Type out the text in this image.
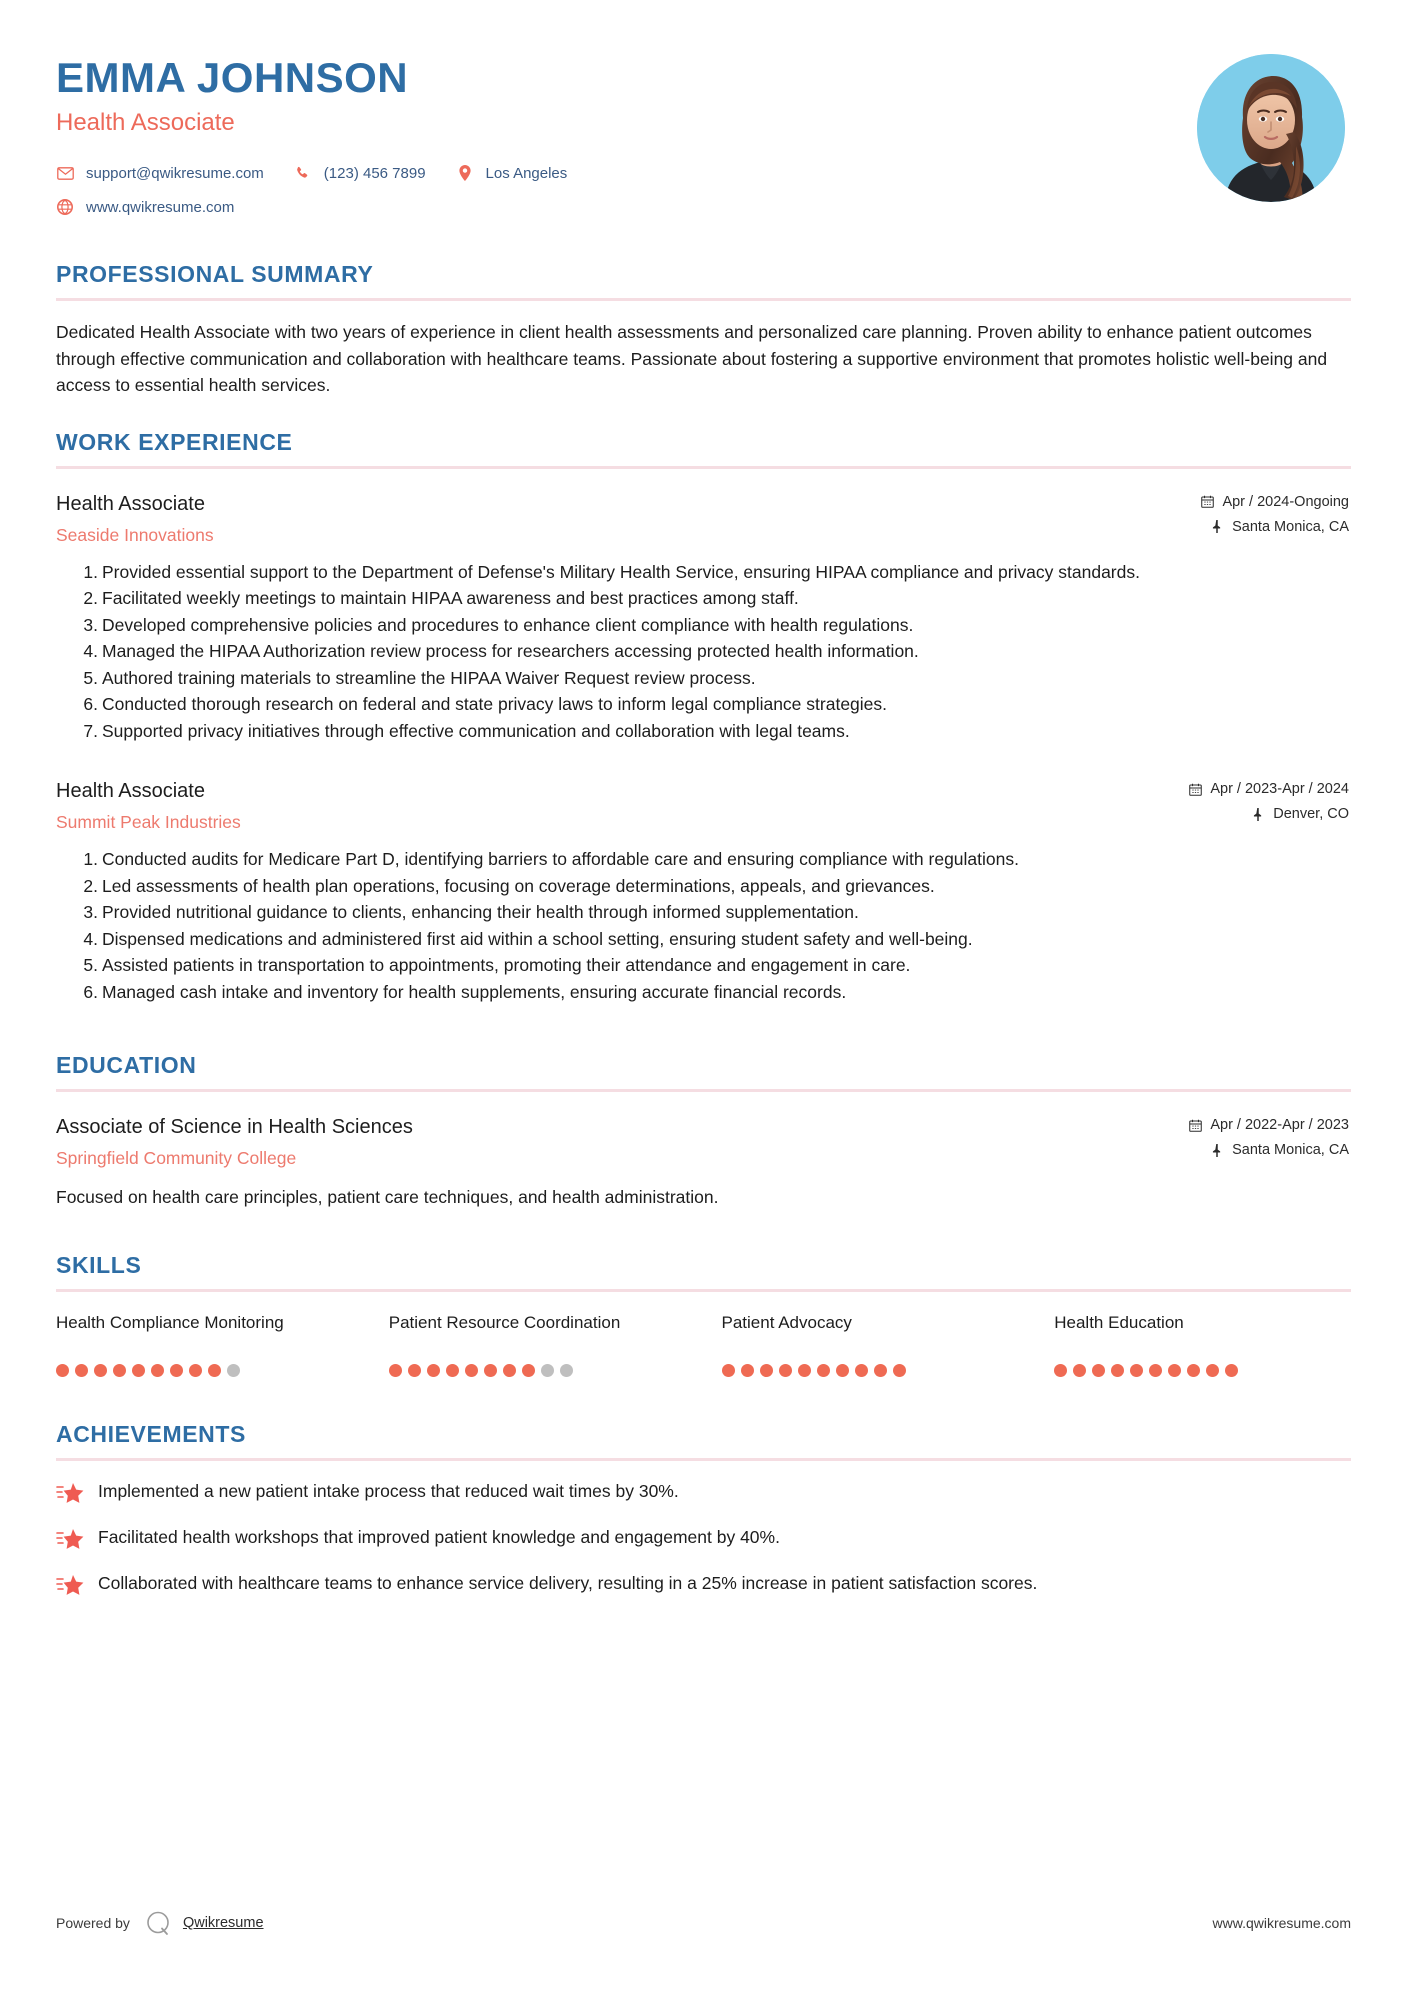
EMMA JOHNSON
Health Associate
support@qwikresume.com	(123) 456 7899	Los Angeles
www.qwikresume.com
PROFESSIONAL SUMMARY
Dedicated Health Associate with two years of experience in client health assessments and personalized care planning. Proven ability to enhance patient outcomes through effective communication and collaboration with healthcare teams. Passionate about fostering a supportive environment that promotes holistic well-being and access to essential health services.
WORK EXPERIENCE
Health Associate
Seaside Innovations
Apr / 2024-Ongoing
Santa Monica, CA
Provided essential support to the Department of Defense's Military Health Service, ensuring HIPAA compliance and privacy standards.
Facilitated weekly meetings to maintain HIPAA awareness and best practices among staff.
Developed comprehensive policies and procedures to enhance client compliance with health regulations.
Managed the HIPAA Authorization review process for researchers accessing protected health information.
Authored training materials to streamline the HIPAA Waiver Request review process.
Conducted thorough research on federal and state privacy laws to inform legal compliance strategies.
Supported privacy initiatives through effective communication and collaboration with legal teams.
Health Associate
Summit Peak Industries
Apr / 2023-Apr / 2024
Denver, CO
Conducted audits for Medicare Part D, identifying barriers to affordable care and ensuring compliance with regulations.
Led assessments of health plan operations, focusing on coverage determinations, appeals, and grievances.
Provided nutritional guidance to clients, enhancing their health through informed supplementation.
Dispensed medications and administered first aid within a school setting, ensuring student safety and well-being.
Assisted patients in transportation to appointments, promoting their attendance and engagement in care.
Managed cash intake and inventory for health supplements, ensuring accurate financial records.
EDUCATION
Associate of Science in Health Sciences
Springfield Community College
Apr / 2022-Apr / 2023
Santa Monica, CA
Focused on health care principles, patient care techniques, and health administration.
SKILLS
Health Compliance Monitoring	Patient Resource Coordination	Patient Advocacy	Health Education
ACHIEVEMENTS
Implemented a new patient intake process that reduced wait times by 30%.
Facilitated health workshops that improved patient knowledge and engagement by 40%.
Collaborated with healthcare teams to enhance service delivery, resulting in a 25% increase in patient satisfaction scores.
Powered by	Qwikresume	www.qwikresume.com
